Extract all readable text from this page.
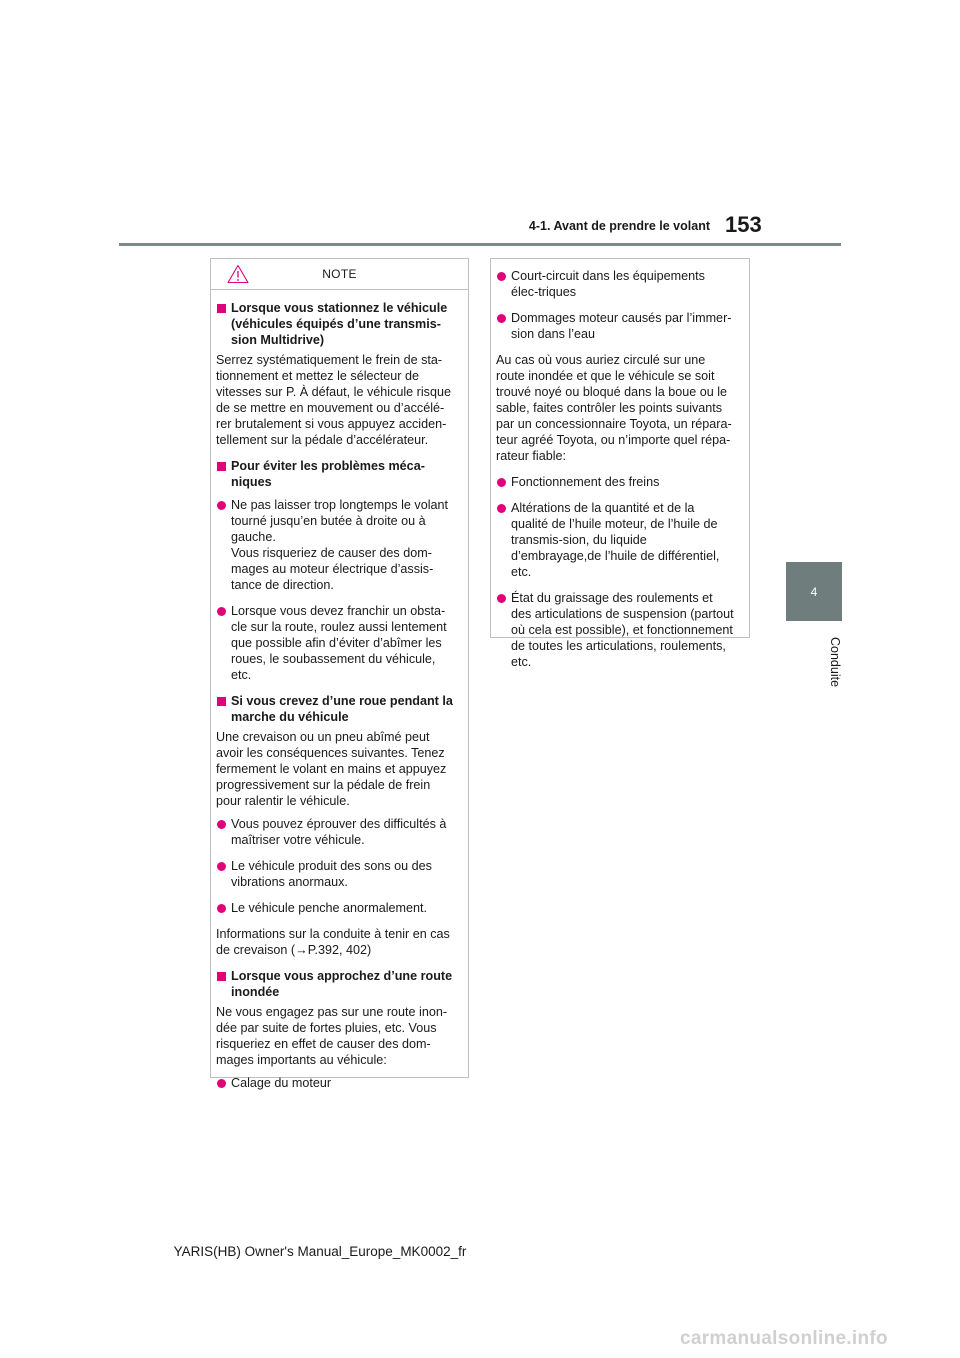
4-1. Avant de prendre le volant 153
4
Conduite
NOTE
Lorsque vous stationnez le véhicule (véhicules équipés d’une transmis-sion Multidrive)
Serrez systématiquement le frein de sta-tionnement et mettez le sélecteur de vitesses sur P. À défaut, le véhicule risque de se mettre en mouvement ou d’accélé-rer brutalement si vous appuyez acciden-tellement sur la pédale d’accélérateur.
Pour éviter les problèmes méca-niques
Ne pas laisser trop longtemps le volant tourné jusqu’en butée à droite ou à gauche.
Vous risqueriez de causer des dom-mages au moteur électrique d’assis-tance de direction.
Lorsque vous devez franchir un obsta-cle sur la route, roulez aussi lentement que possible afin d’éviter d’abîmer les roues, le soubassement du véhicule, etc.
Si vous crevez d’une roue pendant la marche du véhicule
Une crevaison ou un pneu abîmé peut avoir les conséquences suivantes. Tenez fermement le volant en mains et appuyez progressivement sur la pédale de frein pour ralentir le véhicule.
Vous pouvez éprouver des difficultés à maîtriser votre véhicule.
Le véhicule produit des sons ou des vibrations anormaux.
Le véhicule penche anormalement.
Informations sur la conduite à tenir en cas de crevaison (→P.392, 402)
Lorsque vous approchez d’une route inondée
Ne vous engagez pas sur une route inon-dée par suite de fortes pluies, etc. Vous risqueriez en effet de causer des dom-mages importants au véhicule:
Calage du moteur
Court-circuit dans les équipements élec-triques
Dommages moteur causés par l’immer-sion dans l’eau
Au cas où vous auriez circulé sur une route inondée et que le véhicule se soit trouvé noyé ou bloqué dans la boue ou le sable, faites contrôler les points suivants par un concessionnaire Toyota, un répara-teur agréé Toyota, ou n’importe quel répa-rateur fiable:
Fonctionnement des freins
Altérations de la quantité et de la qualité de l’huile moteur, de l’huile de transmis-sion, du liquide d’embrayage,de l’huile de différentiel, etc.
État du graissage des roulements et des articulations de suspension (partout où cela est possible), et fonctionnement de toutes les articulations, roulements, etc.
YARIS(HB) Owner's Manual_Europe_MK0002_fr
carmanualsonline.info
